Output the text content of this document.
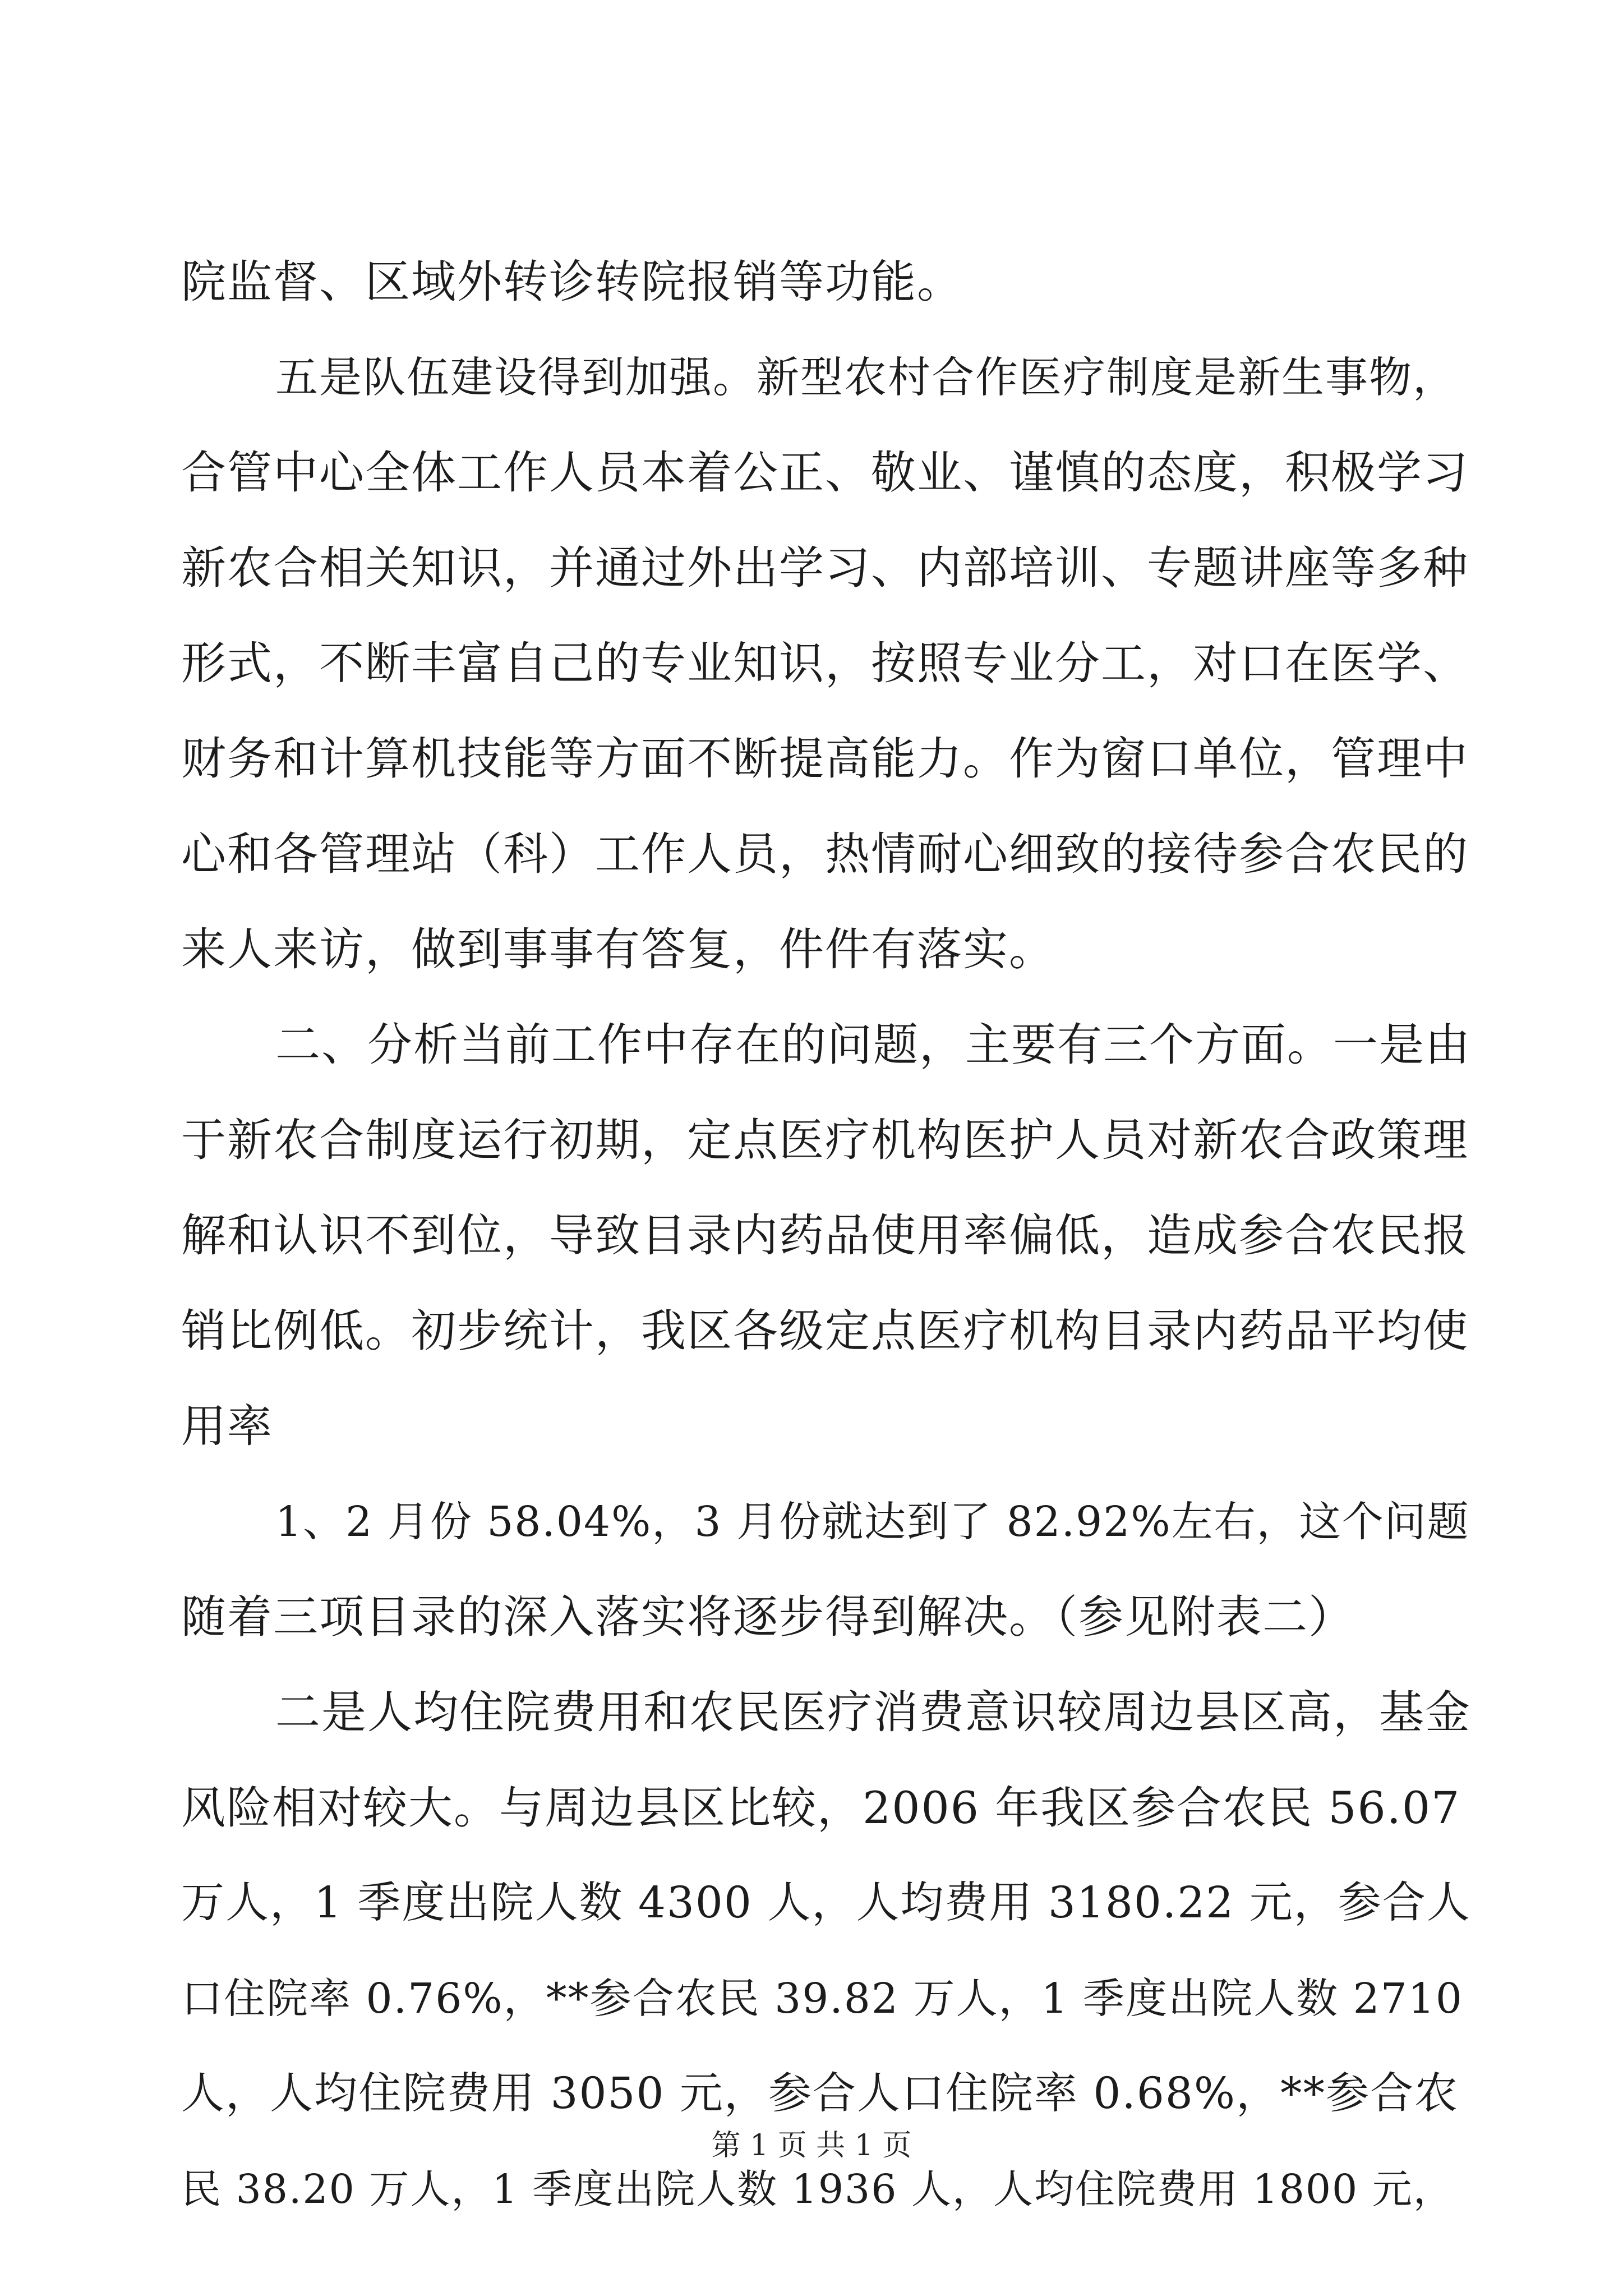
院监督、区域外转诊转院报销等功能。
五是队伍建设得到加强。新型农村合作医疗制度是新生事物，
合管中心全体工作人员本着公正、敬业、谨慎的态度，积极学习
新农合相关知识，并通过外出学习、内部培训、专题讲座等多种
形式，不断丰富自己的专业知识，按照专业分工，对口在医学、
财务和计算机技能等方面不断提高能力。作为窗口单位，管理中
心和各管理站（科）工作人员，热情耐心细致的接待参合农民的
来人来访，做到事事有答复，件件有落实。
二、分析当前工作中存在的问题，主要有三个方面。一是由
于新农合制度运行初期，定点医疗机构医护人员对新农合政策理
解和认识不到位，导致目录内药品使用率偏低，造成参合农民报
销比例低。初步统计，我区各级定点医疗机构目录内药品平均使
用率
1、2 月份 58.04%，3 月份就达到了 82.92%左右，这个问题
随着三项目录的深入落实将逐步得到解决。（参见附表二）
二是人均住院费用和农民医疗消费意识较周边县区高，基金
风险相对较大。与周边县区比较，2006 年我区参合农民 56.07
万人，1 季度出院人数 4300 人，人均费用 3180.22 元，参合人
口住院率 0.76%，**参合农民 39.82 万人，1 季度出院人数 2710
人，人均住院费用 3050 元，参合人口住院率 0.68%，**参合农
民 38.20 万人，1 季度出院人数 1936 人，人均住院费用 1800 元，
第 1 页 共 1 页
